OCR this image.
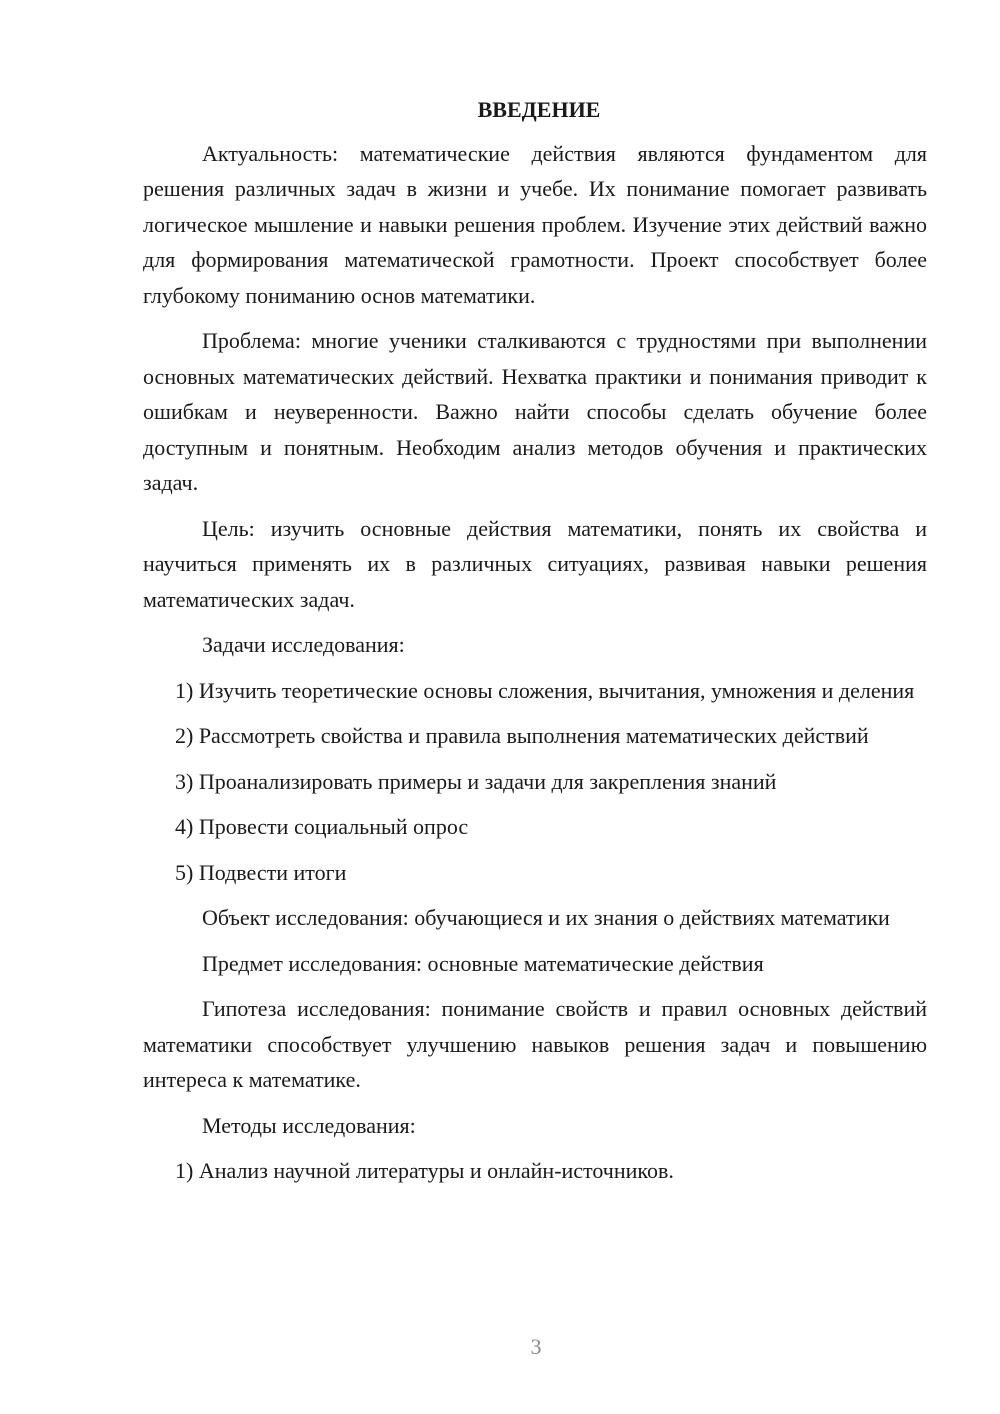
ВВЕДЕНИЕ

Актуальность: математические действия являются фундаментом для решения различных задач в жизни и учебе. Их понимание помогает развивать логическое мышление и навыки решения проблем. Изучение этих действий важно для формирования математической грамотности. Проект способствует более глубокому пониманию основ математики.

Проблема: многие ученики сталкиваются с трудностями при выполнении основных математических действий. Нехватка практики и понимания приводит к ошибкам и неуверенности. Важно найти способы сделать обучение более доступным и понятным. Необходим анализ методов обучения и практических задач.

Цель: изучить основные действия математики, понять их свойства и научиться применять их в различных ситуациях, развивая навыки решения математических задач.

Задачи исследования:

1) Изучить теоретические основы сложения, вычитания, умножения и деления

2) Рассмотреть свойства и правила выполнения математических действий

3) Проанализировать примеры и задачи для закрепления знаний

4) Провести социальный опрос

5) Подвести итоги

Объект исследования: обучающиеся и их знания о действиях математики

Предмет исследования: основные математические действия

Гипотеза исследования: понимание свойств и правил основных действий математики способствует улучшению навыков решения задач и повышению интереса к математике.

Методы исследования:

1) Анализ научной литературы и онлайн-источников.

3
